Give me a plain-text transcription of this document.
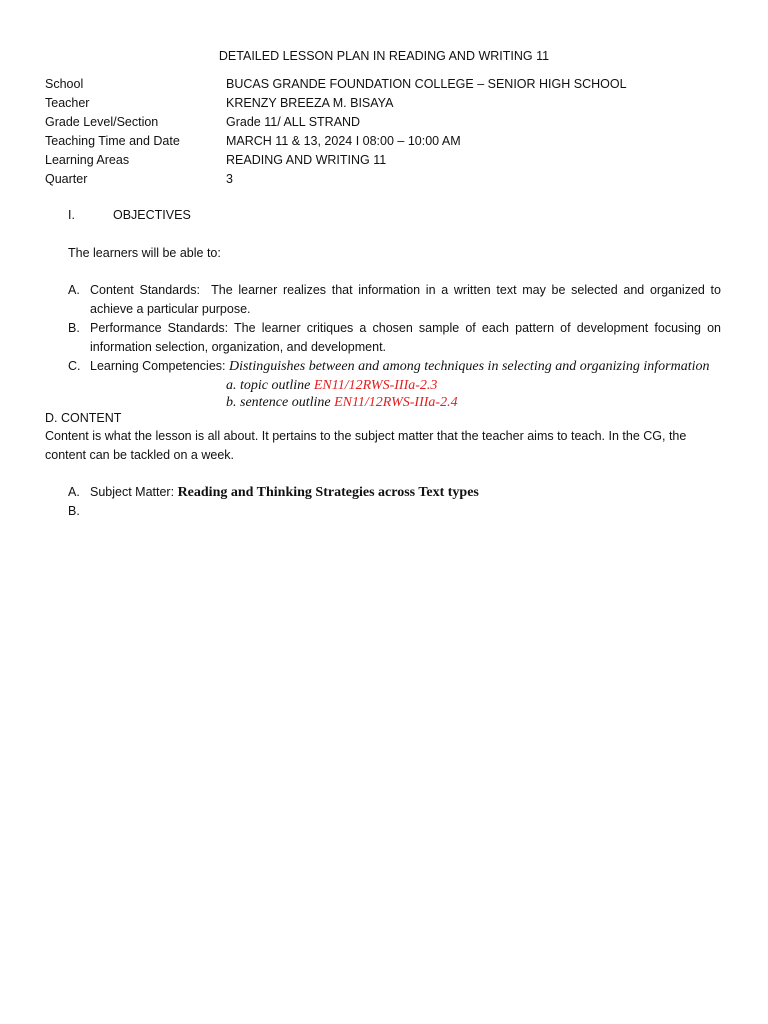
DETAILED LESSON PLAN IN READING AND WRITING 11
School	BUCAS GRANDE FOUNDATION COLLEGE – SENIOR HIGH SCHOOL
Teacher	KRENZY BREEZA M. BISAYA
Grade Level/Section	Grade 11/ ALL STRAND
Teaching Time and Date	MARCH 11 & 13, 2024 I 08:00 – 10:00 AM
Learning Areas	READING AND WRITING 11
Quarter	3
I.	OBJECTIVES
The learners will be able to:
A. Content Standards: The learner realizes that information in a written text may be selected and organized to achieve a particular purpose.
B. Performance Standards: The learner critiques a chosen sample of each pattern of development focusing on information selection, organization, and development.
C. Learning Competencies: Distinguishes between and among techniques in selecting and organizing information
a. topic outline EN11/12RWS-IIIa-2.3
b. sentence outline EN11/12RWS-IIIa-2.4
D. CONTENT
Content is what the lesson is all about. It pertains to the subject matter that the teacher aims to teach. In the CG, the content can be tackled on a week.
A. Subject Matter: Reading and Thinking Strategies across Text types
B.
